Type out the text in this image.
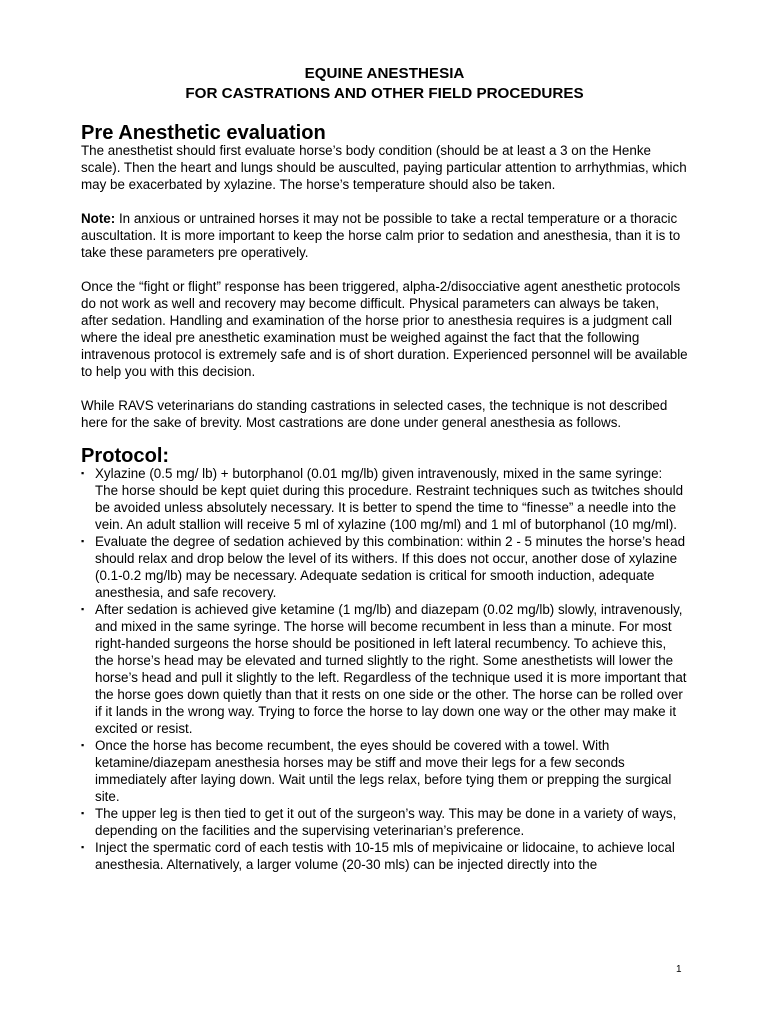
EQUINE ANESTHESIA
FOR CASTRATIONS AND OTHER FIELD PROCEDURES
Pre Anesthetic evaluation

The anesthetist should first evaluate horse’s body condition (should be at least a 3 on the Henke scale). Then the heart and lungs should be ausculted, paying particular attention to arrhythmias, which may be exacerbated by xylazine. The horse’s temperature should also be taken.

Note: In anxious or untrained horses it may not be possible to take a rectal temperature or a thoracic auscultation. It is more important to keep the horse calm prior to sedation and anesthesia, than it is to take these parameters pre operatively.

Once the “fight or flight” response has been triggered, alpha-2/disocciative agent anesthetic protocols do not work as well and recovery may become difficult. Physical parameters can always be taken, after sedation. Handling and examination of the horse prior to anesthesia requires is a judgment call where the ideal pre anesthetic examination must be weighed against the fact that the following intravenous protocol is extremely safe and is of short duration. Experienced personnel will be available to help you with this decision.

While RAVS veterinarians do standing castrations in selected cases, the technique is not described here for the sake of brevity. Most castrations are done under general anesthesia as follows.

Protocol:
▪ Xylazine (0.5 mg/ lb) + butorphanol (0.01 mg/lb) given intravenously, mixed in the same syringe: The horse should be kept quiet during this procedure. Restraint techniques such as twitches should be avoided unless absolutely necessary. It is better to spend the time to “finesse” a needle into the vein. An adult stallion will receive 5 ml of xylazine (100 mg/ml) and 1 ml of butorphanol (10 mg/ml).
▪ Evaluate the degree of sedation achieved by this combination: within 2 - 5 minutes the horse’s head should relax and drop below the level of its withers. If this does not occur, another dose of xylazine (0.1-0.2 mg/lb) may be necessary. Adequate sedation is critical for smooth induction, adequate anesthesia, and safe recovery.
▪ After sedation is achieved give ketamine (1 mg/lb) and diazepam (0.02 mg/lb) slowly, intravenously, and mixed in the same syringe. The horse will become recumbent in less than a minute. For most right-handed surgeons the horse should be positioned in left lateral recumbency. To achieve this, the horse’s head may be elevated and turned slightly to the right. Some anesthetists will lower the horse’s head and pull it slightly to the left. Regardless of the technique used it is more important that the horse goes down quietly than that it rests on one side or the other. The horse can be rolled over if it lands in the wrong way. Trying to force the horse to lay down one way or the other may make it excited or resist.
▪ Once the horse has become recumbent, the eyes should be covered with a towel. With ketamine/diazepam anesthesia horses may be stiff and move their legs for a few seconds immediately after laying down. Wait until the legs relax, before tying them or prepping the surgical site.
▪ The upper leg is then tied to get it out of the surgeon’s way. This may be done in a variety of ways, depending on the facilities and the supervising veterinarian’s preference.
▪ Inject the spermatic cord of each testis with 10-15 mls of mepivicaine or lidocaine, to achieve local anesthesia. Alternatively, a larger volume (20-30 mls) can be injected directly into the
1
